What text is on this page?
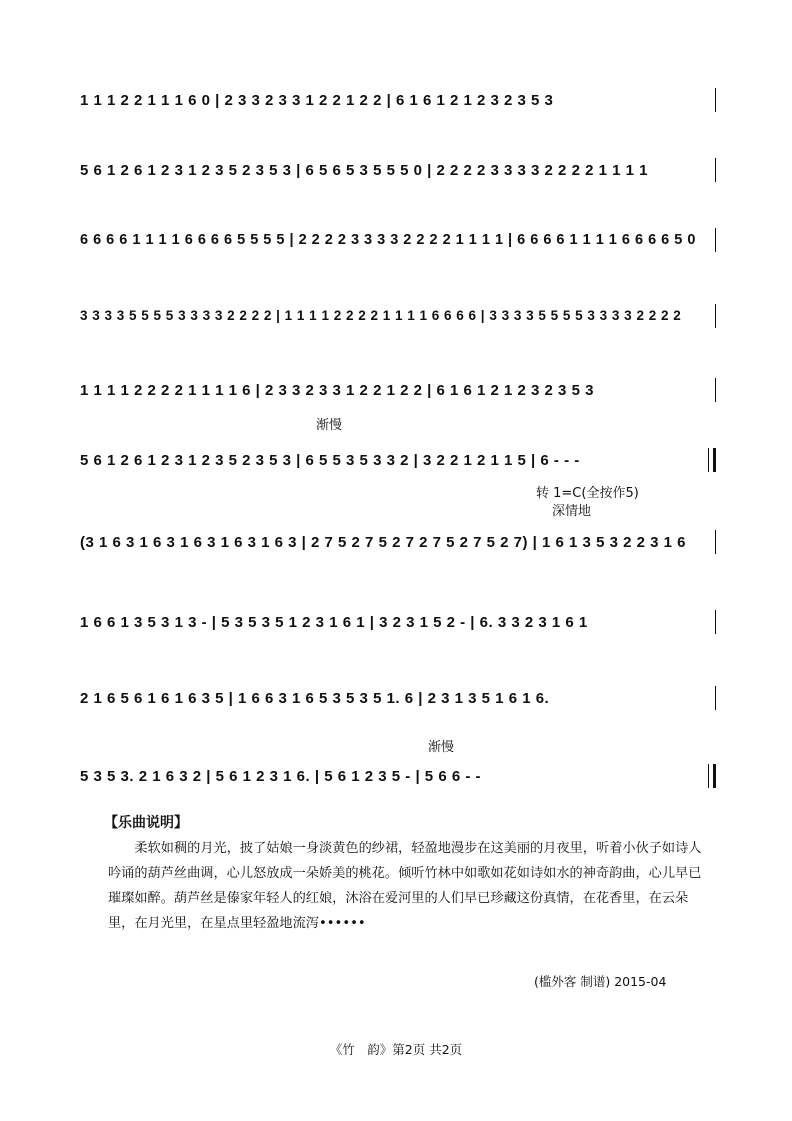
1 1 1 2 2 1 1 1 6 0 | 2 3 3 2 3 3 1 2 2 1 2 2 | 6 1 6 1 2 1 2 3 2 3 5 3
5 6 1 2 6 1 2 3 1 2 3 5 2 3 5 3 | 6 5 6 5 3 5 5 5 0 | 2 2 2 2 3 3 3 3 2 2 2 2 1 1 1 1
6 6 6 6 1 1 1 1 6 6 6 6 5 5 5 5 | 2 2 2 2 3 3 3 3 2 2 2 2 1 1 1 1 | 6 6 6 6 1 1 1 1 6 6 6 6 5 0
3 3 3 3 5 5 5 5 3 3 3 3 2 2 2 2 | 1 1 1 1 2 2 2 2 1 1 1 1 6 6 6 6 | 3 3 3 3 5 5 5 5 3 3 3 3 2 2 2 2
1 1 1 1 2 2 2 2 1 1 1 1 6 | 2 3 3 2 3 3 1 2 2 1 2 2 | 6 1 6 1 2 1 2 3 2 3 5 3
渐慢
5 6 1 2 6 1 2 3 1 2 3 5 2 3 5 3 | 6 5 5 3 5 3 3 2 | 3 2 2 1 2 1 1 5 | 6 - - -
转 1=C(全按作5)
深情地
(3 1 6 3 1 6 3 1 6 3 1 6 3 1 6 3 | 2 7 5 2 7 5 2 7 2 7 5 2 7 5 2 7) | 1 6 1 3 5 3 2 2 3 1 6
1 6 6 1 3 5 3 1 3 - | 5 3 5 3 5 1 2 3 1 6 1 | 3 2 3 1 5 2 - | 6. 3 3 2 3 1 6 1
2 1 6 5 6 1 6 1 6 3 5 | 1 6 6 3 1 6 5 3 5 3 5 1. 6 | 2 3 1 3 5 1 6 1 6.
渐慢
5 3 5 3. 2 1 6 3 2 | 5 6 1 2 3 1 6. | 5 6 1 2 3 5 - | 5 6 6 - -
【乐曲说明】
柔软如稠的月光，披了姑娘一身淡黄色的纱裙，轻盈地漫步在这美丽的月夜里，听着小伙子如诗人吟诵的葫芦丝曲调，心儿怒放成一朵娇美的桃花。倾听竹林中如歌如花如诗如水的神奇韵曲，心儿早已璀璨如醉。葫芦丝是傣家年轻人的红娘，沐浴在爱河里的人们早已珍藏这份真情，在花香里，在云朵里，在月光里，在星点里轻盈地流泻••••••
(槛外客 制谱) 2015-04
《竹　韵》第2页 共2页
